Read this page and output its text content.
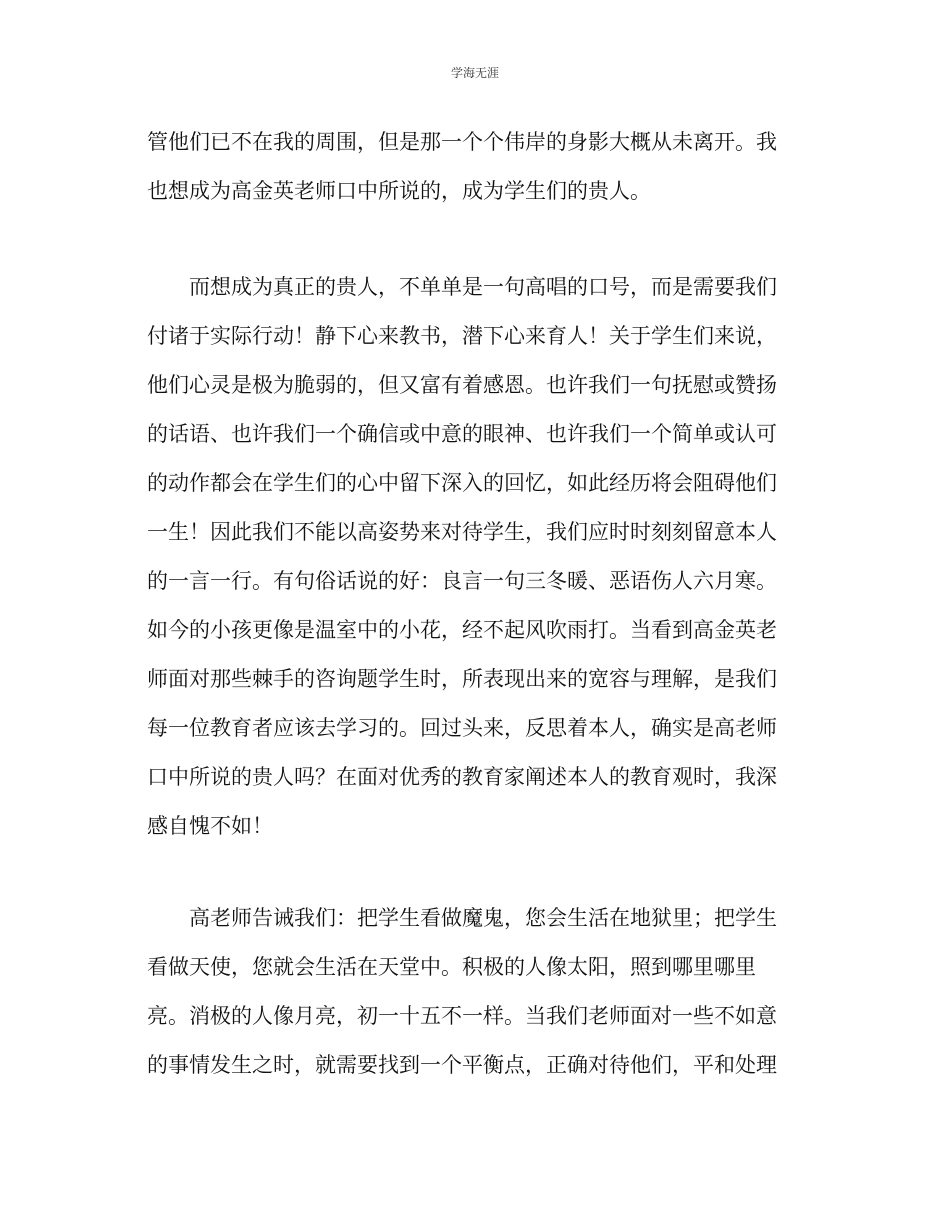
学海无涯
管他们已不在我的周围，但是那一个个伟岸的身影大概从未离开。我
也想成为高金英老师口中所说的，成为学生们的贵人。
而想成为真正的贵人，不单单是一句高唱的口号，而是需要我们
付诸于实际行动！静下心来教书，潜下心来育人！关于学生们来说，
他们心灵是极为脆弱的，但又富有着感恩。也许我们一句抚慰或赞扬
的话语、也许我们一个确信或中意的眼神、也许我们一个简单或认可
的动作都会在学生们的心中留下深入的回忆，如此经历将会阻碍他们
一生！因此我们不能以高姿势来对待学生，我们应时时刻刻留意本人
的一言一行。有句俗话说的好：良言一句三冬暖、恶语伤人六月寒。
如今的小孩更像是温室中的小花，经不起风吹雨打。当看到高金英老
师面对那些棘手的咨询题学生时，所表现出来的宽容与理解，是我们
每一位教育者应该去学习的。回过头来，反思着本人，确实是高老师
口中所说的贵人吗？在面对优秀的教育家阐述本人的教育观时，我深
感自愧不如！
高老师告诫我们：把学生看做魔鬼，您会生活在地狱里；把学生
看做天使，您就会生活在天堂中。积极的人像太阳，照到哪里哪里
亮。消极的人像月亮，初一十五不一样。当我们老师面对一些不如意
的事情发生之时，就需要找到一个平衡点，正确对待他们，平和处理
